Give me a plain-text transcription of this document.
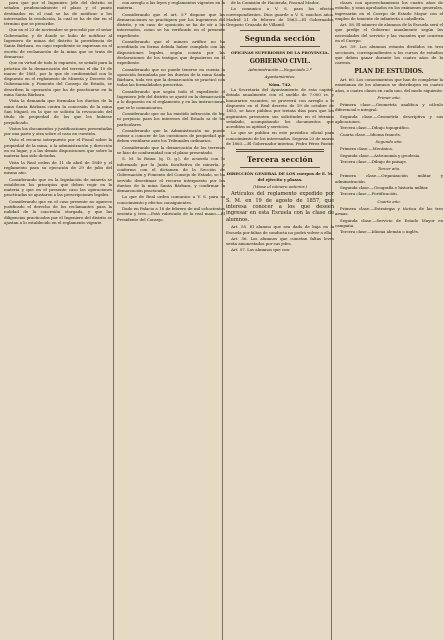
para que por el Ingeniero Jefe del distrito se señalen prudencialmente el plazo y el punto destinados en el cual se ha de notificar a los interesados la resolución, la cual se ha de dar en el término que se prescribe.

Que en el 23 de noviembre se procedió por el señor Gobernador, y de donde se hubo de notificar al Ingeniero de minas del distrito la providencia de Santa Bárbara, en cuyo expediente se expresan en el escrito de reclamación de la mina que se trata de demarcar.

Que en virtud de todo lo expuesto, se señaló para la práctica de la demarcación del terreno el día 10 de marzo de 1861, por lo que de conformidad con lo dispuesto en el reglamento de Minería y Decreto de Gobernación y Fomento del Consejo de Estado, se describen la operación que ha de practicarse en la mina Santa Bárbara.

Vista la demanda que formulan los dueños de la mina Santa Bárbara contra la concesión de la mina San Miguel, en la que se solicita la revocación del título de propiedad de los que les hubiese perjudicado.

Vistos los documentos y justificaciones presentadas por una parte y otra sobre el caso en cuestión.

Visto el recurso interpuesto por el Fiscal sobre la propiedad de la mina, a la administración y dirección en su lugar; y a las demás disposiciones que sobre la materia han sido dictadas.

Vista la Real orden de 11 de abril de 1849 y el reglamento para su ejecución de 29 de julio del mismo año.

Considerando que en la legislación de minería se establecen los principios que deben regir en la materia y que en el presente caso las operaciones practicadas se ajustaron a las prescripciones legales.

Considerando que en el caso presente no aparece justificado el derecho de los reclamantes para la nulidad de la concesión otorgada, y que las diligencias practicadas por el Ingeniero del distrito se ajustan a lo establecido en el reglamento vigente.

con arreglo a las leyes y reglamentos vigentes en la materia.

Considerando que el art. 5.º dispone que las demarcaciones se practiquen por los Ingenieros del distrito, y en caso de oposición se ha de oír a los interesados, como se ha verificado en el presente expediente.

Considerando que el minero artífice no ha acreditado en forma debida haber cumplido con las disposiciones legales, según consta por las declaraciones de los testigos que depusieron en el expediente.

Considerando que no puede tenerse en cuenta la oposición formulada por los dueños de la mina Santa Bárbara, toda vez que la demarcación se practicó con todas las formalidades prescritas.

Considerando que según todo el expediente el Ingeniero Jefe del distrito se ajustó en la demarcación a lo dispuesto en el reglamento y en las instrucciones que se le comunicaron.

Considerando que no ha existido infracción de ley, ni perjuicio para los intereses del Estado ni de los particulares.

Considerando que la Administración no puede entrar a conocer de las cuestiones de propiedad que deben ventilarse ante los Tribunales ordinarios.

Considerando que la demarcación de los terrenos se hizo de conformidad con el plano presentado.

S. M. la Reina (q. D. g.), de acuerdo con lo informado por la Junta facultativa de minería, y conforme con el dictamen de la Sección de Gobernación y Fomento del Consejo de Estado, se ha servido desestimar el recurso interpuesto por los dueños de la mina Santa Bárbara, y confirmar la demarcación practicada.

Lo que de Real orden comunico a V. S. para su conocimiento y efectos consiguientes.

Dado en Palacio a 18 de febrero de mil ochocientos sesenta y tres.—Está rubricado de la real mano.—El Presidente del Consejo.

de la Comisión de Hacienda, Pascual Madoz.

Lo comunico a V. S. para los efectos correspondientes. Dios guarde a V. S. muchos años. Madrid 21 de febrero de 1863.—El Gobernador, Gregorio Cruzada de Villamil.

Segunda sección
OFICINAS SUPERIORES DE LA PROVINCIA.
GOBIERNO CIVIL.
Administración.—Negociado 2.º
Ayuntamientos.
Núm. 742.

La Secretaría del Ayuntamiento de esta capital, dotada anualmente con el sueldo de 7.000 rs. y honorarios vacantes, se proveerá con arreglo a lo dispuesto en el Real decreto de 19 de octubre de 1853, se hace pública por treinta días para que los aspirantes presenten sus solicitudes en el término señalado, acompañando los documentos que acrediten su aptitud y servicios.

Lo que se publica en este periódico oficial para conocimiento de los interesados. Segovia 23 de marzo de 1863.—El Gobernador interino, Pedro Pérez Pastor.

Tercera sección
DIRECCIÓN GENERAL DE LOS cuerpos de E. M. del ejército y plazas.
(Véase el número anterior.)

Artículos del reglamento expedido por S. M. en 19 de agosto de 1857, que interesa conocer a los que deseen ingresar en esta Escuela con la clase de alumnos.

Art. 55. El alumno que sea dado de baja en la Escuela por faltas de conducta no podrá volver a ella.

Art. 56. Los alumnos que cometan faltas leves serán amonestados por sus jefes.

Art. 57. Los alumnos que con-

clases con aprovechamiento los cuatro años de estudio, y sean aprobados en los exámenes generales, ingresarán en el Cuerpo de Estado Mayor con el empleo de teniente de infantería o caballería.

Art. 58. El número de alumnos de la Escuela será el que prefije el Gobierno anualmente según las necesidades del servicio y las vacantes que ocurran en el Cuerpo.

Art. 59. Los alumnos estarán divididos en tres secciones, correspondientes a los cursos de estudios que deben ganar durante los cuatro años de la carrera.

PLAN DE ESTUDIOS.

Art. 60. Los conocimientos que han de completar la enseñanza de los alumnos se distribuyen en cuatro años, o cuatro clases en cada uno, del modo siguiente:

Primer año.

Primera clase.—Geometría analítica y cálculo diferencial e integral.

Segunda clase.—Geometría descriptiva y sus aplicaciones.

Tercera clase.—Dibujo topográfico.

Cuarta clase.—Idioma francés.

Segundo año.

Primera clase.—Mecánica.

Segunda clase.—Astronomía y geodesia.

Tercera clase.—Dibujo de paisaje.

Tercer año.

Primera clase.—Organización militar y administración.

Segunda clase.—Geografía e historia militar.

Tercera clase.—Fortificación.

Cuarto año.

Primera clase.—Estrategia y táctica de las tres armas.

Segunda clase.—Servicio de Estado Mayor en campaña.

Tercera clase.—Idioma alemán o inglés.
